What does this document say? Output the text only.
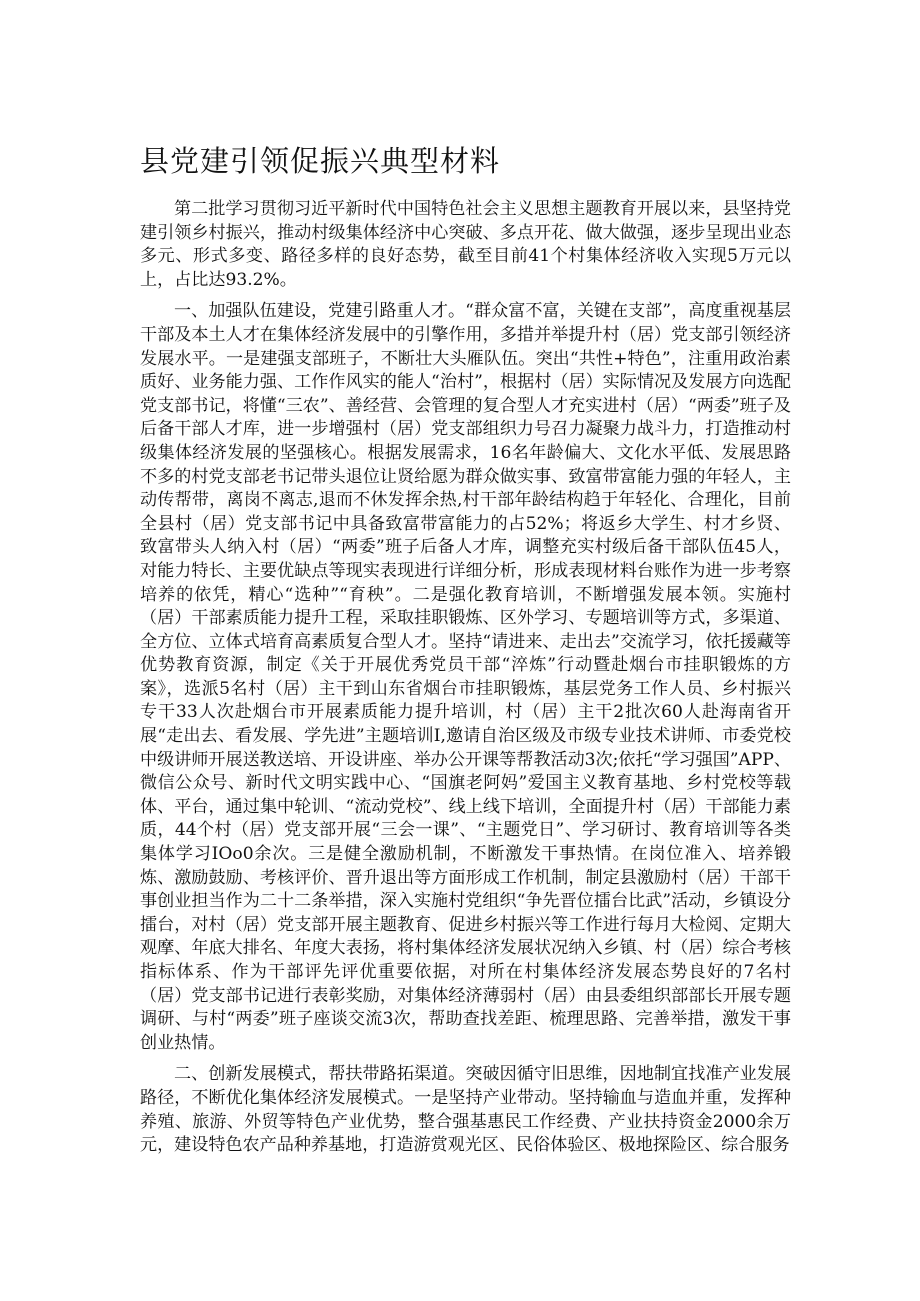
县党建引领促振兴典型材料

第二批学习贯彻习近平新时代中国特色社会主义思想主题教育开展以来，县坚持党建引领乡村振兴，推动村级集体经济中心突破、多点开花、做大做强，逐步呈现出业态多元、形式多变、路径多样的良好态势，截至目前41个村集体经济收入实现5万元以上，占比达93.2%。

一、加强队伍建设，党建引路重人才。“群众富不富，关键在支部”，高度重视基层干部及本土人才在集体经济发展中的引擎作用，多措并举提升村（居）党支部引领经济发展水平。一是建强支部班子，不断壮大头雁队伍。突出“共性+特色”，注重用政治素质好、业务能力强、工作作风实的能人“治村”，根据村（居）实际情况及发展方向选配党支部书记，将懂“三农”、善经营、会管理的复合型人才充实进村（居）“两委”班子及后备干部人才库，进一步增强村（居）党支部组织力号召力凝聚力战斗力，打造推动村级集体经济发展的坚强核心。根据发展需求，16名年龄偏大、文化水平低、发展思路不多的村党支部老书记带头退位让贤给愿为群众做实事、致富带富能力强的年轻人，主动传帮带，离岗不离志,退而不休发挥余热,村干部年龄结构趋于年轻化、合理化，目前全县村（居）党支部书记中具备致富带富能力的占52%；将返乡大学生、村才乡贤、致富带头人纳入村（居）“两委”班子后备人才库，调整充实村级后备干部队伍45人，对能力特长、主要优缺点等现实表现进行详细分析，形成表现材料台账作为进一步考察培养的依凭，精心“选种”“育秧”。二是强化教育培训，不断增强发展本领。实施村（居）干部素质能力提升工程，采取挂职锻炼、区外学习、专题培训等方式，多渠道、全方位、立体式培育高素质复合型人才。坚持“请进来、走出去”交流学习，依托援藏等优势教育资源，制定《关于开展优秀党员干部“淬炼”行动暨赴烟台市挂职锻炼的方案》，选派5名村（居）主干到山东省烟台市挂职锻炼，基层党务工作人员、乡村振兴专干33人次赴烟台市开展素质能力提升培训，村（居）主干2批次60人赴海南省开展“走出去、看发展、学先进”主题培训I,邀请自治区级及市级专业技术讲师、市委党校中级讲师开展送教送培、开设讲座、举办公开课等帮教活动3次;依托“学习强国”APP、微信公众号、新时代文明实践中心、“国旗老阿妈”爱国主义教育基地、乡村党校等载体、平台，通过集中轮训、“流动党校”、线上线下培训，全面提升村（居）干部能力素质，44个村（居）党支部开展“三会一课”、“主题党日”、学习研讨、教育培训等各类集体学习IOo0余次。三是健全激励机制，不断激发干事热情。在岗位准入、培养锻炼、激励鼓励、考核评价、晋升退出等方面形成工作机制，制定县激励村（居）干部干事创业担当作为二十二条举措，深入实施村党组织“争先晋位擂台比武”活动，乡镇设分擂台，对村（居）党支部开展主题教育、促进乡村振兴等工作进行每月大检阅、定期大观摩、年底大排名、年度大表扬，将村集体经济发展状况纳入乡镇、村（居）综合考核指标体系、作为干部评先评优重要依据，对所在村集体经济发展态势良好的7名村（居）党支部书记进行表彰奖励，对集体经济薄弱村（居）由县委组织部部长开展专题调研、与村“两委”班子座谈交流3次，帮助查找差距、梳理思路、完善举措，激发干事创业热情。

二、创新发展模式，帮扶带路拓渠道。突破因循守旧思维，因地制宜找准产业发展路径，不断优化集体经济发展模式。一是坚持产业带动。坚持输血与造血并重，发挥种养殖、旅游、外贸等特色产业优势，整合强基惠民工作经费、产业扶持资金2000余万元，建设特色农产品种养基地，打造游赏观光区、民俗体验区、极地探险区、综合服务
